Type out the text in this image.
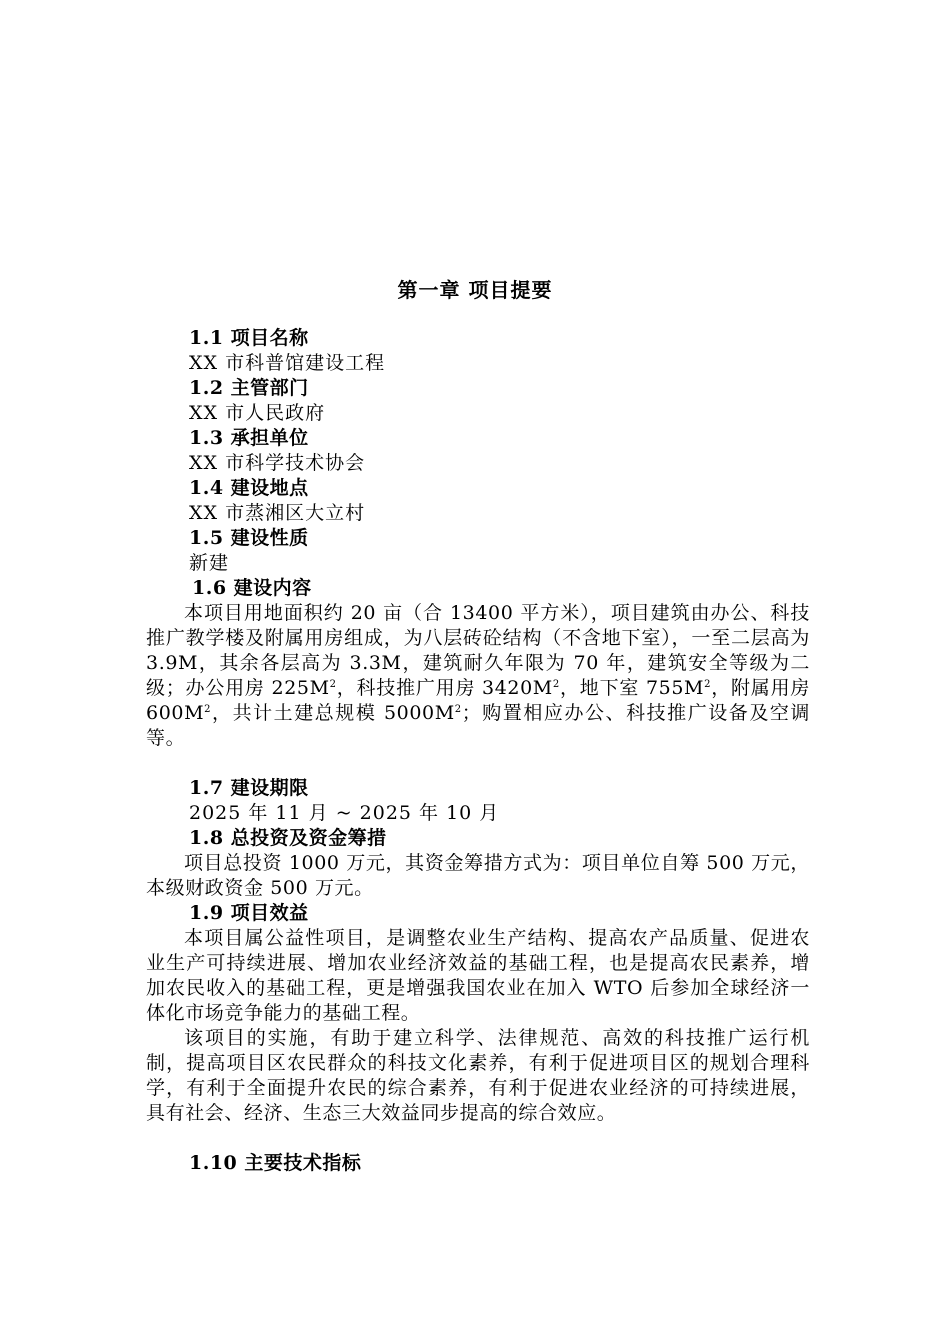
第一章 项目提要
1.1 项目名称
XX 市科普馆建设工程
1.2 主管部门
XX 市人民政府
1.3 承担单位
XX 市科学技术协会
1.4 建设地点
XX 市蒸湘区大立村
1.5 建设性质
新建
1.6 建设内容
本项目用地面积约 20 亩（合 13400 平方米），项目建筑由办公、科技推广教学楼及附属用房组成，为八层砖砼结构（不含地下室），一至二层高为 3.9M，其余各层高为 3.3M，建筑耐久年限为 70 年，建筑安全等级为二级；办公用房 $225M^2$，科技推广用房 $3420M^2$，地下室 $755M^2$，附属用房 $600M^2$，共计土建总规模 $5000M^2$；购置相应办公、科技推广设备及空调等。
1.7 建设期限
2025 年 11 月 ~ 2025 年 10 月
1.8 总投资及资金筹措
项目总投资 1000 万元，其资金筹措方式为：项目单位自筹 500 万元，本级财政资金 500 万元。
1.9 项目效益
本项目属公益性项目，是调整农业生产结构、提高农产品质量、促进农业生产可持续进展、增加农业经济效益的基础工程，也是提高农民素养，增加农民收入的基础工程，更是增强我国农业在加入 WTO 后参加全球经济一体化市场竞争能力的基础工程。
该项目的实施，有助于建立科学、法律规范、高效的科技推广运行机制，提高项目区农民群众的科技文化素养，有利于促进项目区的规划合理科学，有利于全面提升农民的综合素养，有利于促进农业经济的可持续进展，具有社会、经济、生态三大效益同步提高的综合效应。
1.10 主要技术指标
